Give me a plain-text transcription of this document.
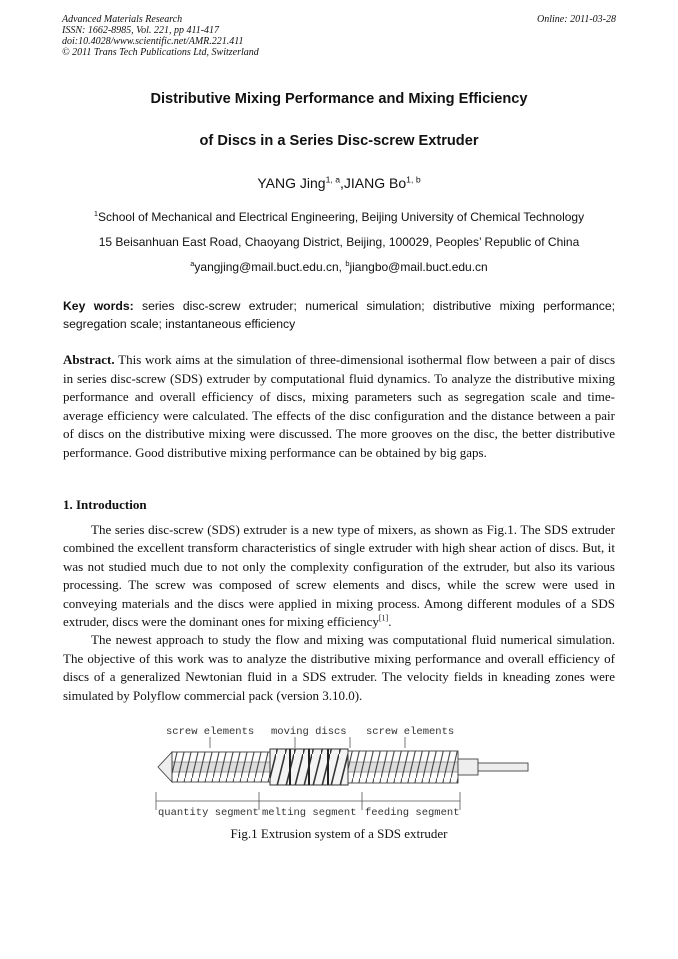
Advanced Materials Research
ISSN: 1662-8985, Vol. 221, pp 411-417
doi:10.4028/www.scientific.net/AMR.221.411
© 2011 Trans Tech Publications Ltd, Switzerland
Online: 2011-03-28
Distributive Mixing Performance and Mixing Efficiency
of Discs in a Series Disc-screw Extruder
YANG Jing$^{1, a}$,JIANG Bo$^{1, b}$
$^1$School of Mechanical and Electrical Engineering, Beijing University of Chemical Technology
15 Beisanhuan East Road, Chaoyang District, Beijing, 100029, Peoples’ Republic of China
$^a$yangjing@mail.buct.edu.cn, $^b$jiangbo@mail.buct.edu.cn
Key words: series disc-screw extruder; numerical simulation; distributive mixing performance; segregation scale; instantaneous efficiency
Abstract. This work aims at the simulation of three-dimensional isothermal flow between a pair of discs in series disc-screw (SDS) extruder by computational fluid dynamics. To analyze the distributive mixing performance and overall efficiency of discs, mixing parameters such as segregation scale and time-average efficiency were calculated. The effects of the disc configuration and the distance between a pair of discs on the distributive mixing were discussed. The more grooves on the disc, the better distributive performance. Good distributive mixing performance can be obtained by big gaps.
1. Introduction

The series disc-screw (SDS) extruder is a new type of mixers, as shown as Fig.1. The SDS extruder combined the excellent transform characteristics of single extruder with high shear action of discs. But, it was not studied much due to not only the complexity configuration of the extruder, but also its various processing. The screw was composed of screw elements and discs, while the screw were used in conveying materials and the discs were applied in mixing process. Among different modules of a SDS extruder, discs were the dominant ones for mixing efficiency[1].

The newest approach to study the flow and mixing was computational fluid numerical simulation. The objective of this work was to analyze the distributive mixing performance and overall efficiency of discs of a generalized Newtonian fluid in a SDS extruder. The velocity fields in kneading zones were simulated by Polyflow commercial pack (version 3.10.0).

screw elements moving discs screw elements
quantity segment melting segment feeding segment
Fig.1 Extrusion system of a SDS extruder
